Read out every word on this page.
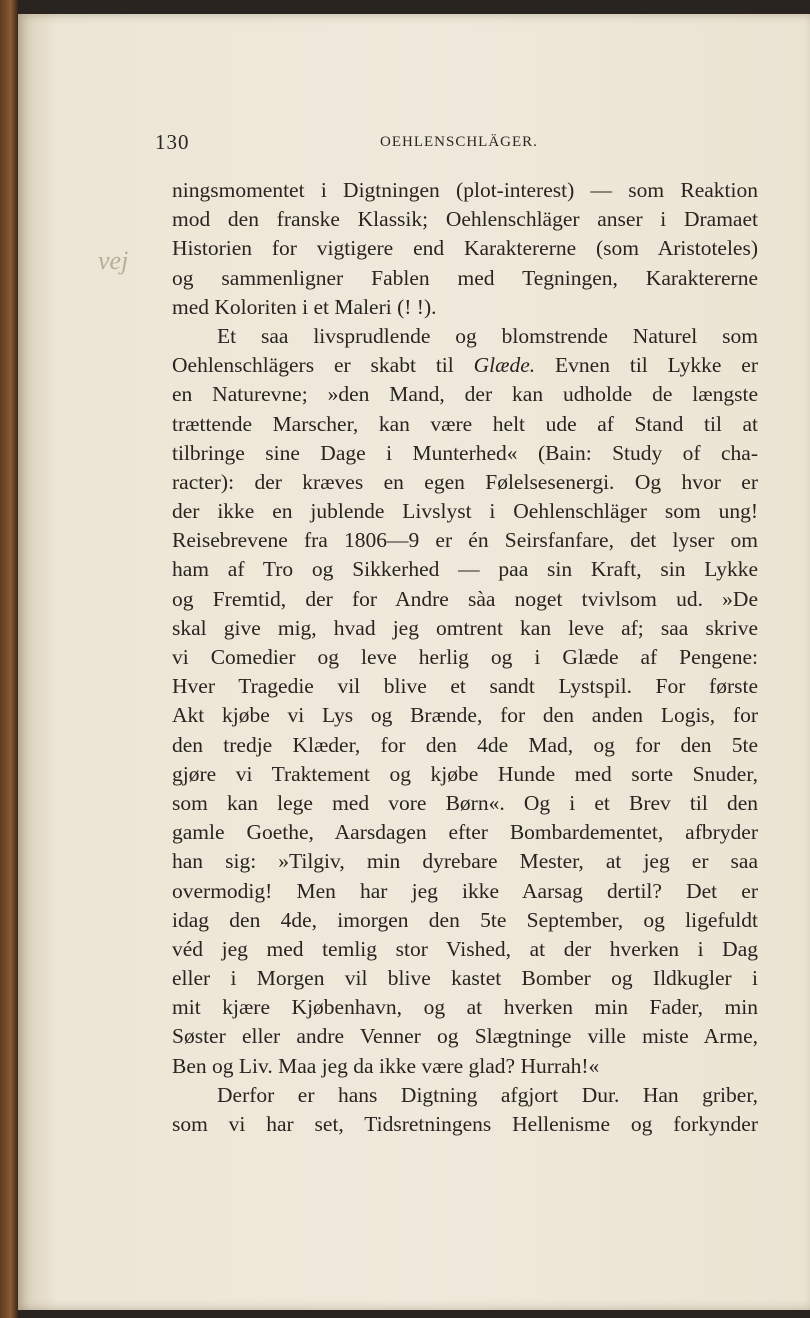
130	OEHLENSCHLÄGER.
vej
ningsmomentet i Digtningen (plot-interest) — som Reaktion
mod den franske Klassik; Oehlenschläger anser i Dramaet
Historien for vigtigere end Karaktererne (som Aristoteles)
og sammenligner Fablen med Tegningen, Karaktererne
med Koloriten i et Maleri (! !).
Et saa livsprudlende og blomstrende Naturel som
Oehlenschlägers er skabt til Glæde. Evnen til Lykke er
en Naturevne; »den Mand, der kan udholde de længste
trættende Marscher, kan være helt ude af Stand til at
tilbringe sine Dage i Munterhed« (Bain: Study of cha-
racter): der kræves en egen Følelsesenergi. Og hvor er
der ikke en jublende Livslyst i Oehlenschläger som ung!
Reisebrevene fra 1806—9 er én Seirsfanfare, det lyser om
ham af Tro og Sikkerhed — paa sin Kraft, sin Lykke
og Fremtid, der for Andre sàa noget tvivlsom ud. »De
skal give mig, hvad jeg omtrent kan leve af; saa skrive
vi Comedier og leve herlig og i Glæde af Pengene:
Hver Tragedie vil blive et sandt Lystspil. For første
Akt kjøbe vi Lys og Brænde, for den anden Logis, for
den tredje Klæder, for den 4de Mad, og for den 5te
gjøre vi Traktement og kjøbe Hunde med sorte Snuder,
som kan lege med vore Børn«. Og i et Brev til den
gamle Goethe, Aarsdagen efter Bombardementet, afbryder
han sig: »Tilgiv, min dyrebare Mester, at jeg er saa
overmodig! Men har jeg ikke Aarsag dertil? Det er
idag den 4de, imorgen den 5te September, og ligefuldt
véd jeg med temlig stor Vished, at der hverken i Dag
eller i Morgen vil blive kastet Bomber og Ildkugler i
mit kjære Kjøbenhavn, og at hverken min Fader, min
Søster eller andre Venner og Slægtninge ville miste Arme,
Ben og Liv. Maa jeg da ikke være glad? Hurrah!«
Derfor er hans Digtning afgjort Dur. Han griber,
som vi har set, Tidsretningens Hellenisme og forkynder
